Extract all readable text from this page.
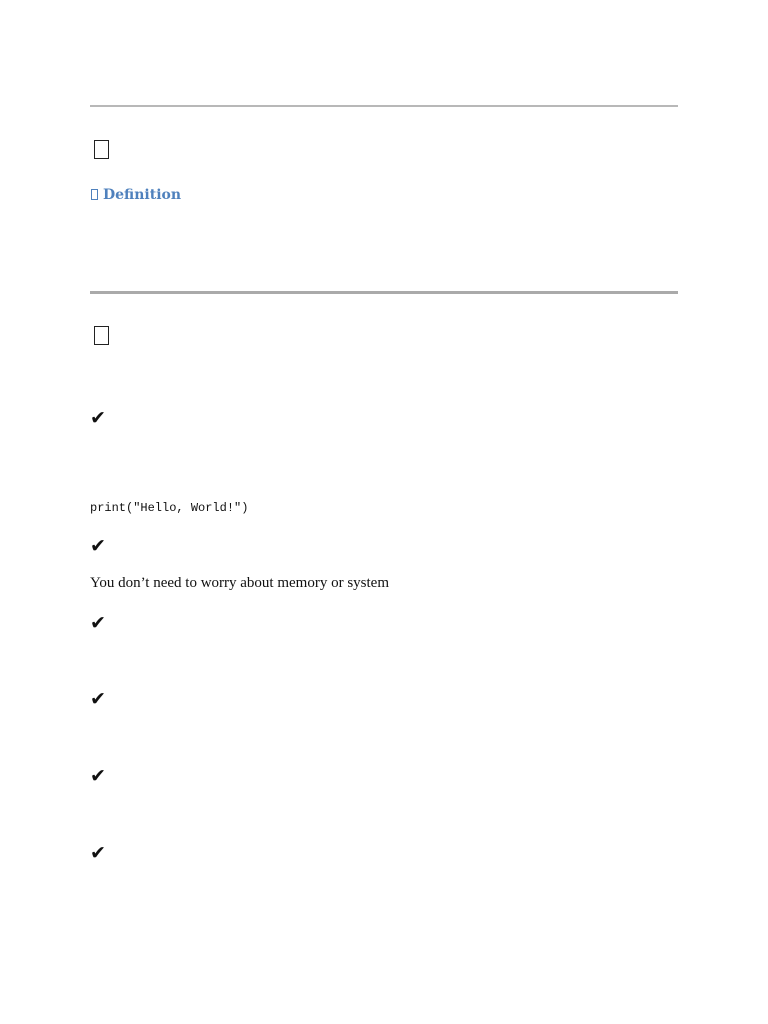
Definition
✔
print("Hello, World!")
✔
You don’t need to worry about memory or system
✔
✔
✔
✔
